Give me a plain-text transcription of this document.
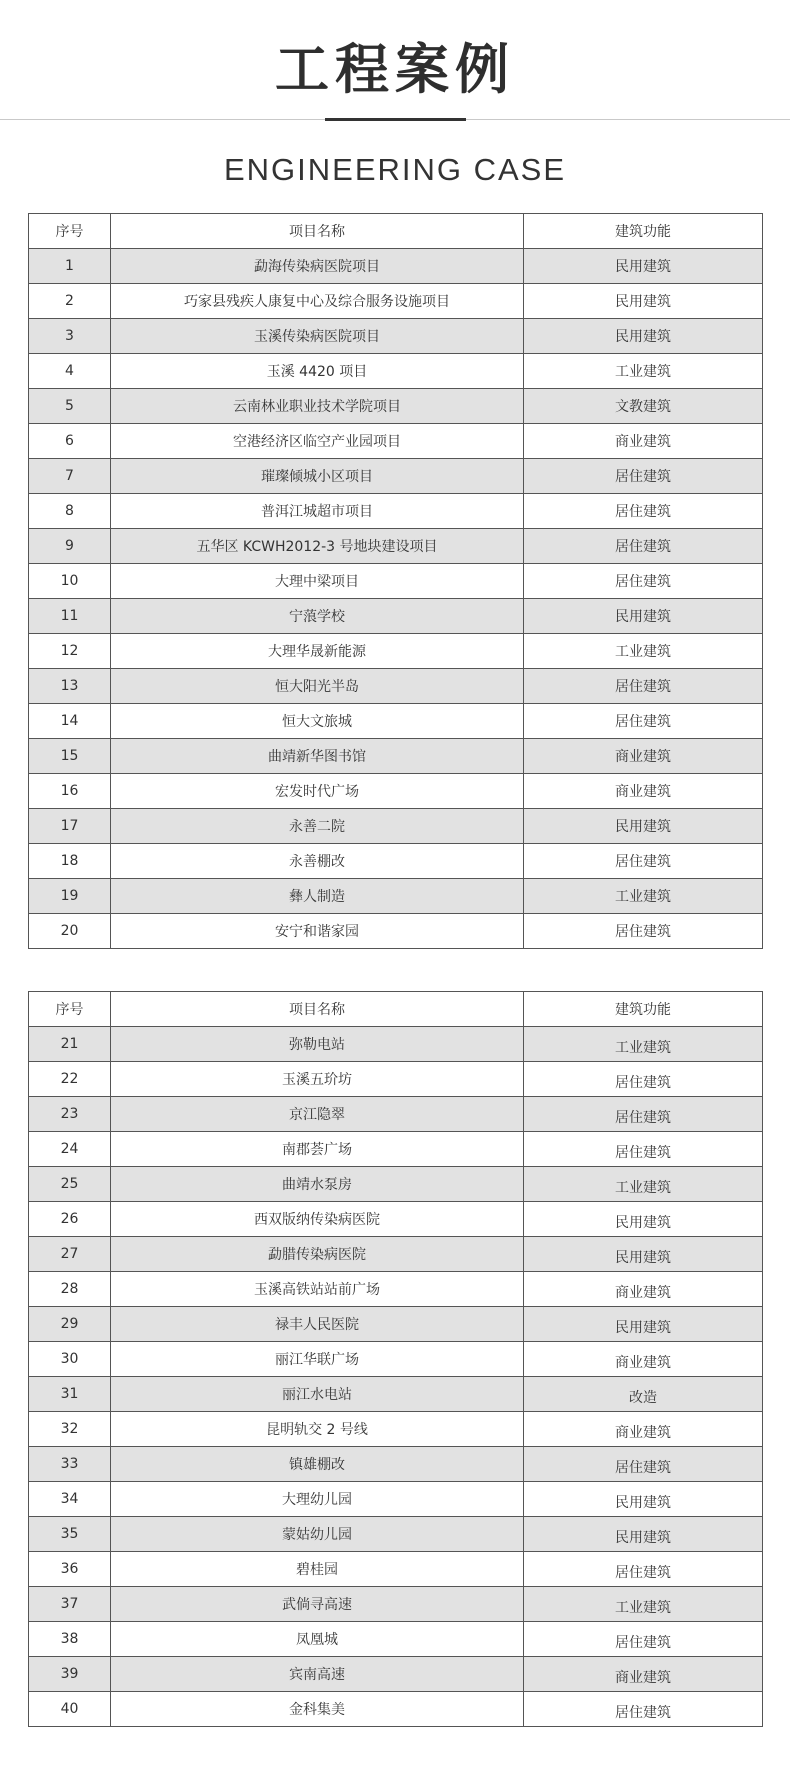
工程案例
ENGINEERING CASE
序号	项目名称	建筑功能
1	勐海传染病医院项目	民用建筑
2	巧家县残疾人康复中心及综合服务设施项目	民用建筑
3	玉溪传染病医院项目	民用建筑
4	玉溪 4420 项目	工业建筑
5	云南林业职业技术学院项目	文教建筑
6	空港经济区临空产业园项目	商业建筑
7	璀璨倾城小区项目	居住建筑
8	普洱江城超市项目	居住建筑
9	五华区 KCWH2012-3 号地块建设项目	居住建筑
10	大理中梁项目	居住建筑
11	宁蒗学校	民用建筑
12	大理华晟新能源	工业建筑
13	恒大阳光半岛	居住建筑
14	恒大文旅城	居住建筑
15	曲靖新华图书馆	商业建筑
16	宏发时代广场	商业建筑
17	永善二院	民用建筑
18	永善棚改	居住建筑
19	彝人制造	工业建筑
20	安宁和谐家园	居住建筑
序号	项目名称	建筑功能
21	弥勒电站	工业建筑
22	玉溪五玠坊	居住建筑
23	京江隐翠	居住建筑
24	南郡荟广场	居住建筑
25	曲靖水泵房	工业建筑
26	西双版纳传染病医院	民用建筑
27	勐腊传染病医院	民用建筑
28	玉溪高铁站站前广场	商业建筑
29	禄丰人民医院	民用建筑
30	丽江华联广场	商业建筑
31	丽江水电站	改造
32	昆明轨交 2 号线	商业建筑
33	镇雄棚改	居住建筑
34	大理幼儿园	民用建筑
35	蒙姑幼儿园	民用建筑
36	碧桂园	居住建筑
37	武倘寻高速	工业建筑
38	凤凰城	居住建筑
39	宾南高速	商业建筑
40	金科集美	居住建筑
